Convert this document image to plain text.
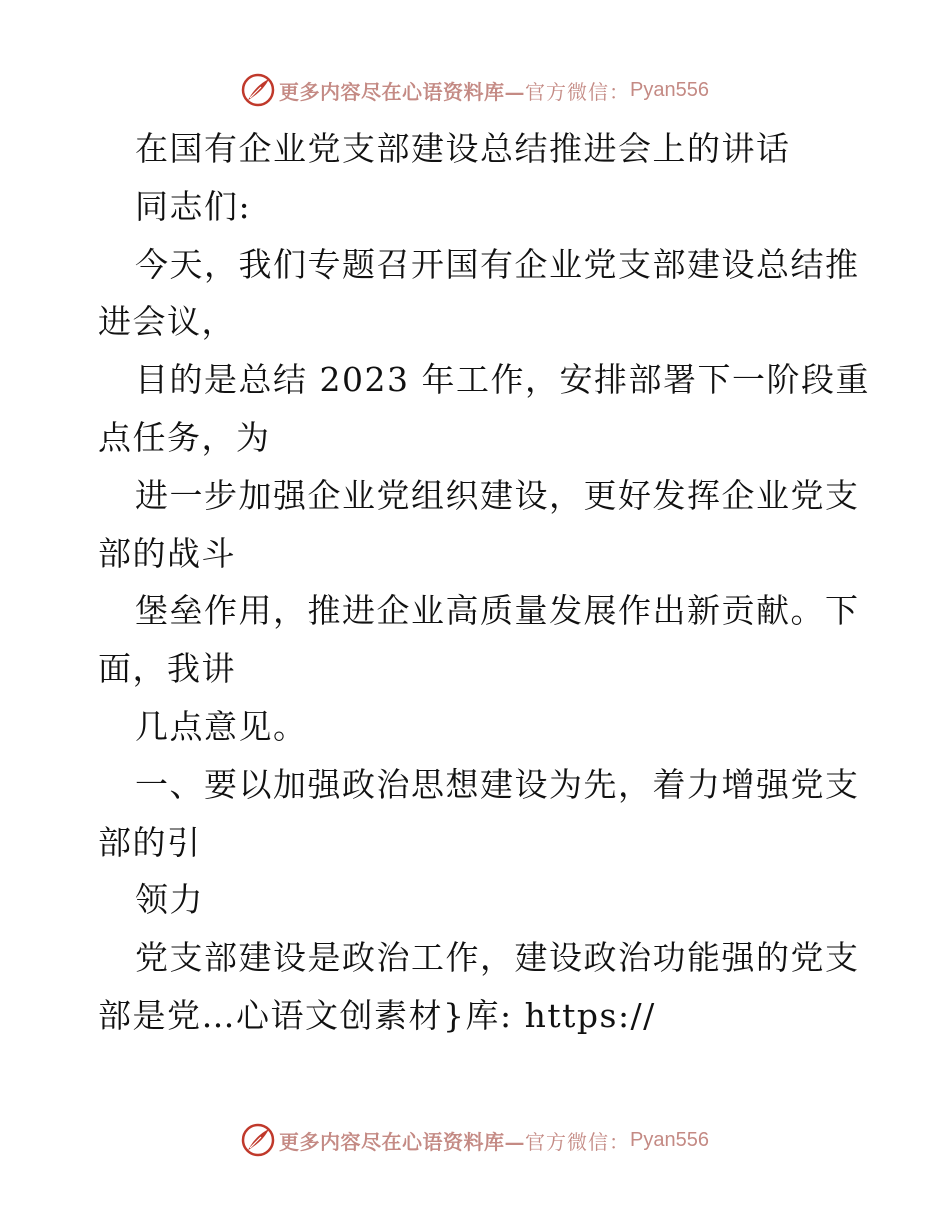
更多内容尽在心语资料库— 官方微信： Pyan556
在国有企业党支部建设总结推进会上的讲话
同志们:
今天，我们专题召开国有企业党支部建设总结推
进会议，
目的是总结 2023 年工作，安排部署下一阶段重
点任务，为
进一步加强企业党组织建设，更好发挥企业党支
部的战斗
堡垒作用，推进企业高质量发展作出新贡献。下
面，我讲
几点意见。
一、要以加强政治思想建设为先，着力增强党支
部的引
领力
党支部建设是政治工作，建设政治功能强的党支
部是党…心语文创素材}库: https://
更多内容尽在心语资料库— 官方微信： Pyan556
